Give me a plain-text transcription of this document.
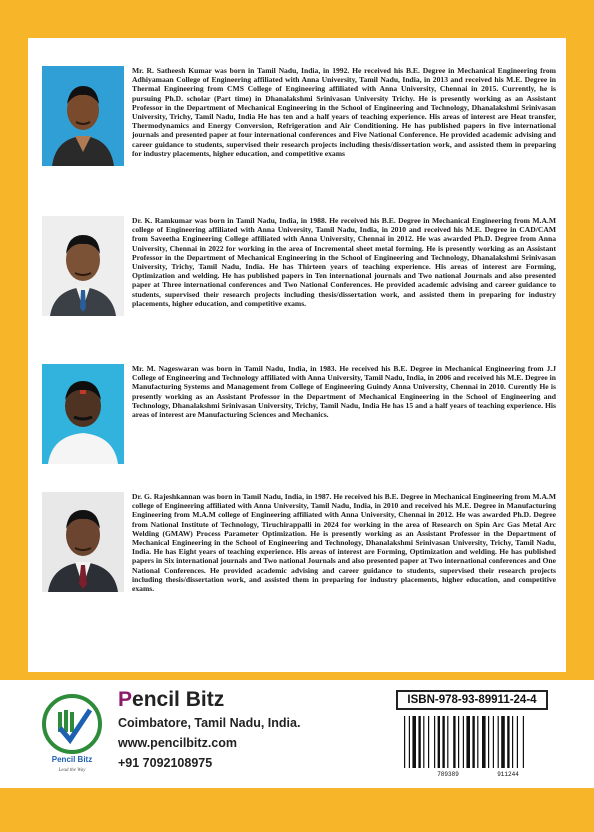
Mr. R. Satheesh Kumar was born in Tamil Nadu, India, in 1992. He received his B.E. Degree in Mechanical Engineering from Adhiyamaan College of Engineering affiliated with Anna University, Tamil Nadu, India, in 2013 and received his M.E. Degree in Thermal Engineering from CMS College of Engineering affiliated with Anna University, Chennai in 2015. Currently, he is pursuing Ph.D. scholar (Part time) in Dhanalakshmi Srinivasan University Trichy. He is presently working as an Assistant Professor in the Department of Mechanical Engineering in the School of Engineering and Technology, Dhanalakshmi Srinivasan University, Trichy, Tamil Nadu, India He has ten and a half years of teaching experience. His areas of interest are Heat transfer, Thermodynamics and Energy Conversion, Refrigeration and Air Conditioning. He has published papers in five international journals and presented paper at four international conferences and Five National Conference. He provided academic advising and career guidance to students, supervised their research projects including thesis/dissertation work, and assisted them in preparing for industry placements, higher education, and competitive exams

Dr. K. Ramkumar was born in Tamil Nadu, India, in 1988. He received his B.E. Degree in Mechanical Engineering from M.A.M college of Engineering affiliated with Anna University, Tamil Nadu, India, in 2010 and received his M.E. Degree in CAD/CAM from Saveetha Engineering College affiliated with Anna University, Chennai in 2012. He was awarded Ph.D. Degree from Anna University, Chennai in 2022 for working in the area of Incremental sheet metal forming. He is presently working as an Assistant Professor in the Department of Mechanical Engineering in the School of Engineering and Technology, Dhanalakshmi Srinivasan University, Trichy, Tamil Nadu, India. He has Thirteen years of teaching experience. His areas of interest are Forming, Optimization and welding. He has published papers in Ten international journals and Two national Journals and also presented paper at Three international conferences and Two National Conferences. He provided academic advising and career guidance to students, supervised their research projects including thesis/dissertation work, and assisted them in preparing for industry placements, higher education, and competitive exams.

Mr. M. Nageswaran was born in Tamil Nadu, India, in 1983. He received his B.E. Degree in Mechanical Engineering from J.J College of Engineering and Technology affiliated with Anna University, Tamil Nadu, India, in 2006 and received his M.E. Degree in Manufacturing Systems and Management from College of Engineering Guindy Anna University, Chennai in 2010. Curently He is presently working as an Assistant Professor in the Department of Mechanical Engineering in the School of Engineering and Technology, Dhanalakshmi Srinivasan University, Trichy, Tamil Nadu, India He has 15 and a half years of teaching experience. His areas of interest are Manufacturing Sciences and Mechanics.

Dr. G. Rajeshkannan was born in Tamil Nadu, India, in 1987. He received his B.E. Degree in Mechanical Engineering from M.A.M college of Engineering affiliated with Anna University, Tamil Nadu, India, in 2010 and received his M.E. Degree in Manufacturing Engineering from M.A.M college of Engineering affiliated with Anna University, Chennai in 2012. He was awarded Ph.D. Degree from National Institute of Technology, Tiruchirappalli in 2024 for working in the area of Research on Spin Arc Gas Metal Arc Welding (GMAW) Process Parameter Optimization. He is presently working as an Assistant Professor in the Department of Mechanical Engineering in the School of Engineering and Technology, Dhanalakshmi Srinivasan University, Trichy, Tamil Nadu, India. He has Eight years of teaching experience. His areas of interest are Forming, Optimization and welding. He has published papers in Six international journals and Two national Journals and also presented paper at Two international conferences and One National Conferences. He provided academic advising and career guidance to students, supervised their research projects including thesis/dissertation work, and assisted them in preparing for industry placements, higher education, and competitive exams.

Pencil Bitz
Lead the Way

Pencil Bitz

Coimbatore, Tamil Nadu, India.

www.pencilbitz.com

+91 7092108975

ISBN-978-93-89911-24-4
789389	911244
